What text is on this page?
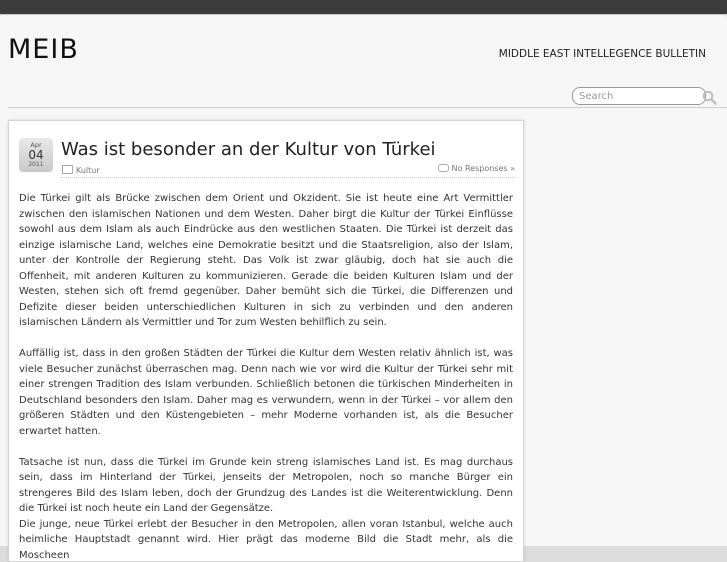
MEIB	MIDDLE EAST INTELLEGENCE BULLETIN
Search
Apr
04
2011
Was ist besonder an der Kultur von Türkei
Kultur	No Responses »

Die Türkei gilt als Brücke zwischen dem Orient und Okzident. Sie ist heute eine Art Vermittler zwischen den islamischen Nationen und dem Westen. Daher birgt die Kultur der Türkei Einflüsse sowohl aus dem Islam als auch Eindrücke aus den westlichen Staaten. Die Türkei ist derzeit das einzige islamische Land, welches eine Demokratie besitzt und die Staatsreligion, also der Islam, unter der Kontrolle der Regierung steht. Das Volk ist zwar gläubig, doch hat sie auch die Offenheit, mit anderen Kulturen zu kommunizieren. Gerade die beiden Kulturen Islam und der Westen, stehen sich oft fremd gegenüber. Daher bemüht sich die Türkei, die Differenzen und Defizite dieser beiden unterschiedlichen Kulturen in sich zu verbinden und den anderen islamischen Ländern als Vermittler und Tor zum Westen behilflich zu sein.

Auffällig ist, dass in den großen Städten der Türkei die Kultur dem Westen relativ ähnlich ist, was viele Besucher zunächst überraschen mag. Denn nach wie vor wird die Kultur der Türkei sehr mit einer strengen Tradition des Islam verbunden. Schließlich betonen die türkischen Minderheiten in Deutschland besonders den Islam. Daher mag es verwundern, wenn in der Türkei – vor allem den größeren Städten und den Küstengebieten – mehr Moderne vorhanden ist, als die Besucher erwartet hatten.

Tatsache ist nun, dass die Türkei im Grunde kein streng islamisches Land ist. Es mag durchaus sein, dass im Hinterland der Türkei, jenseits der Metropolen, noch so manche Bürger ein strengeres Bild des Islam leben, doch der Grundzug des Landes ist die Weiterentwicklung. Denn die Türkei ist noch heute ein Land der Gegensätze.

Die junge, neue Türkei erlebt der Besucher in den Metropolen, allen voran Istanbul, welche auch heimliche Hauptstadt genannt wird. Hier prägt das moderne Bild die Stadt mehr, als die Moscheen
